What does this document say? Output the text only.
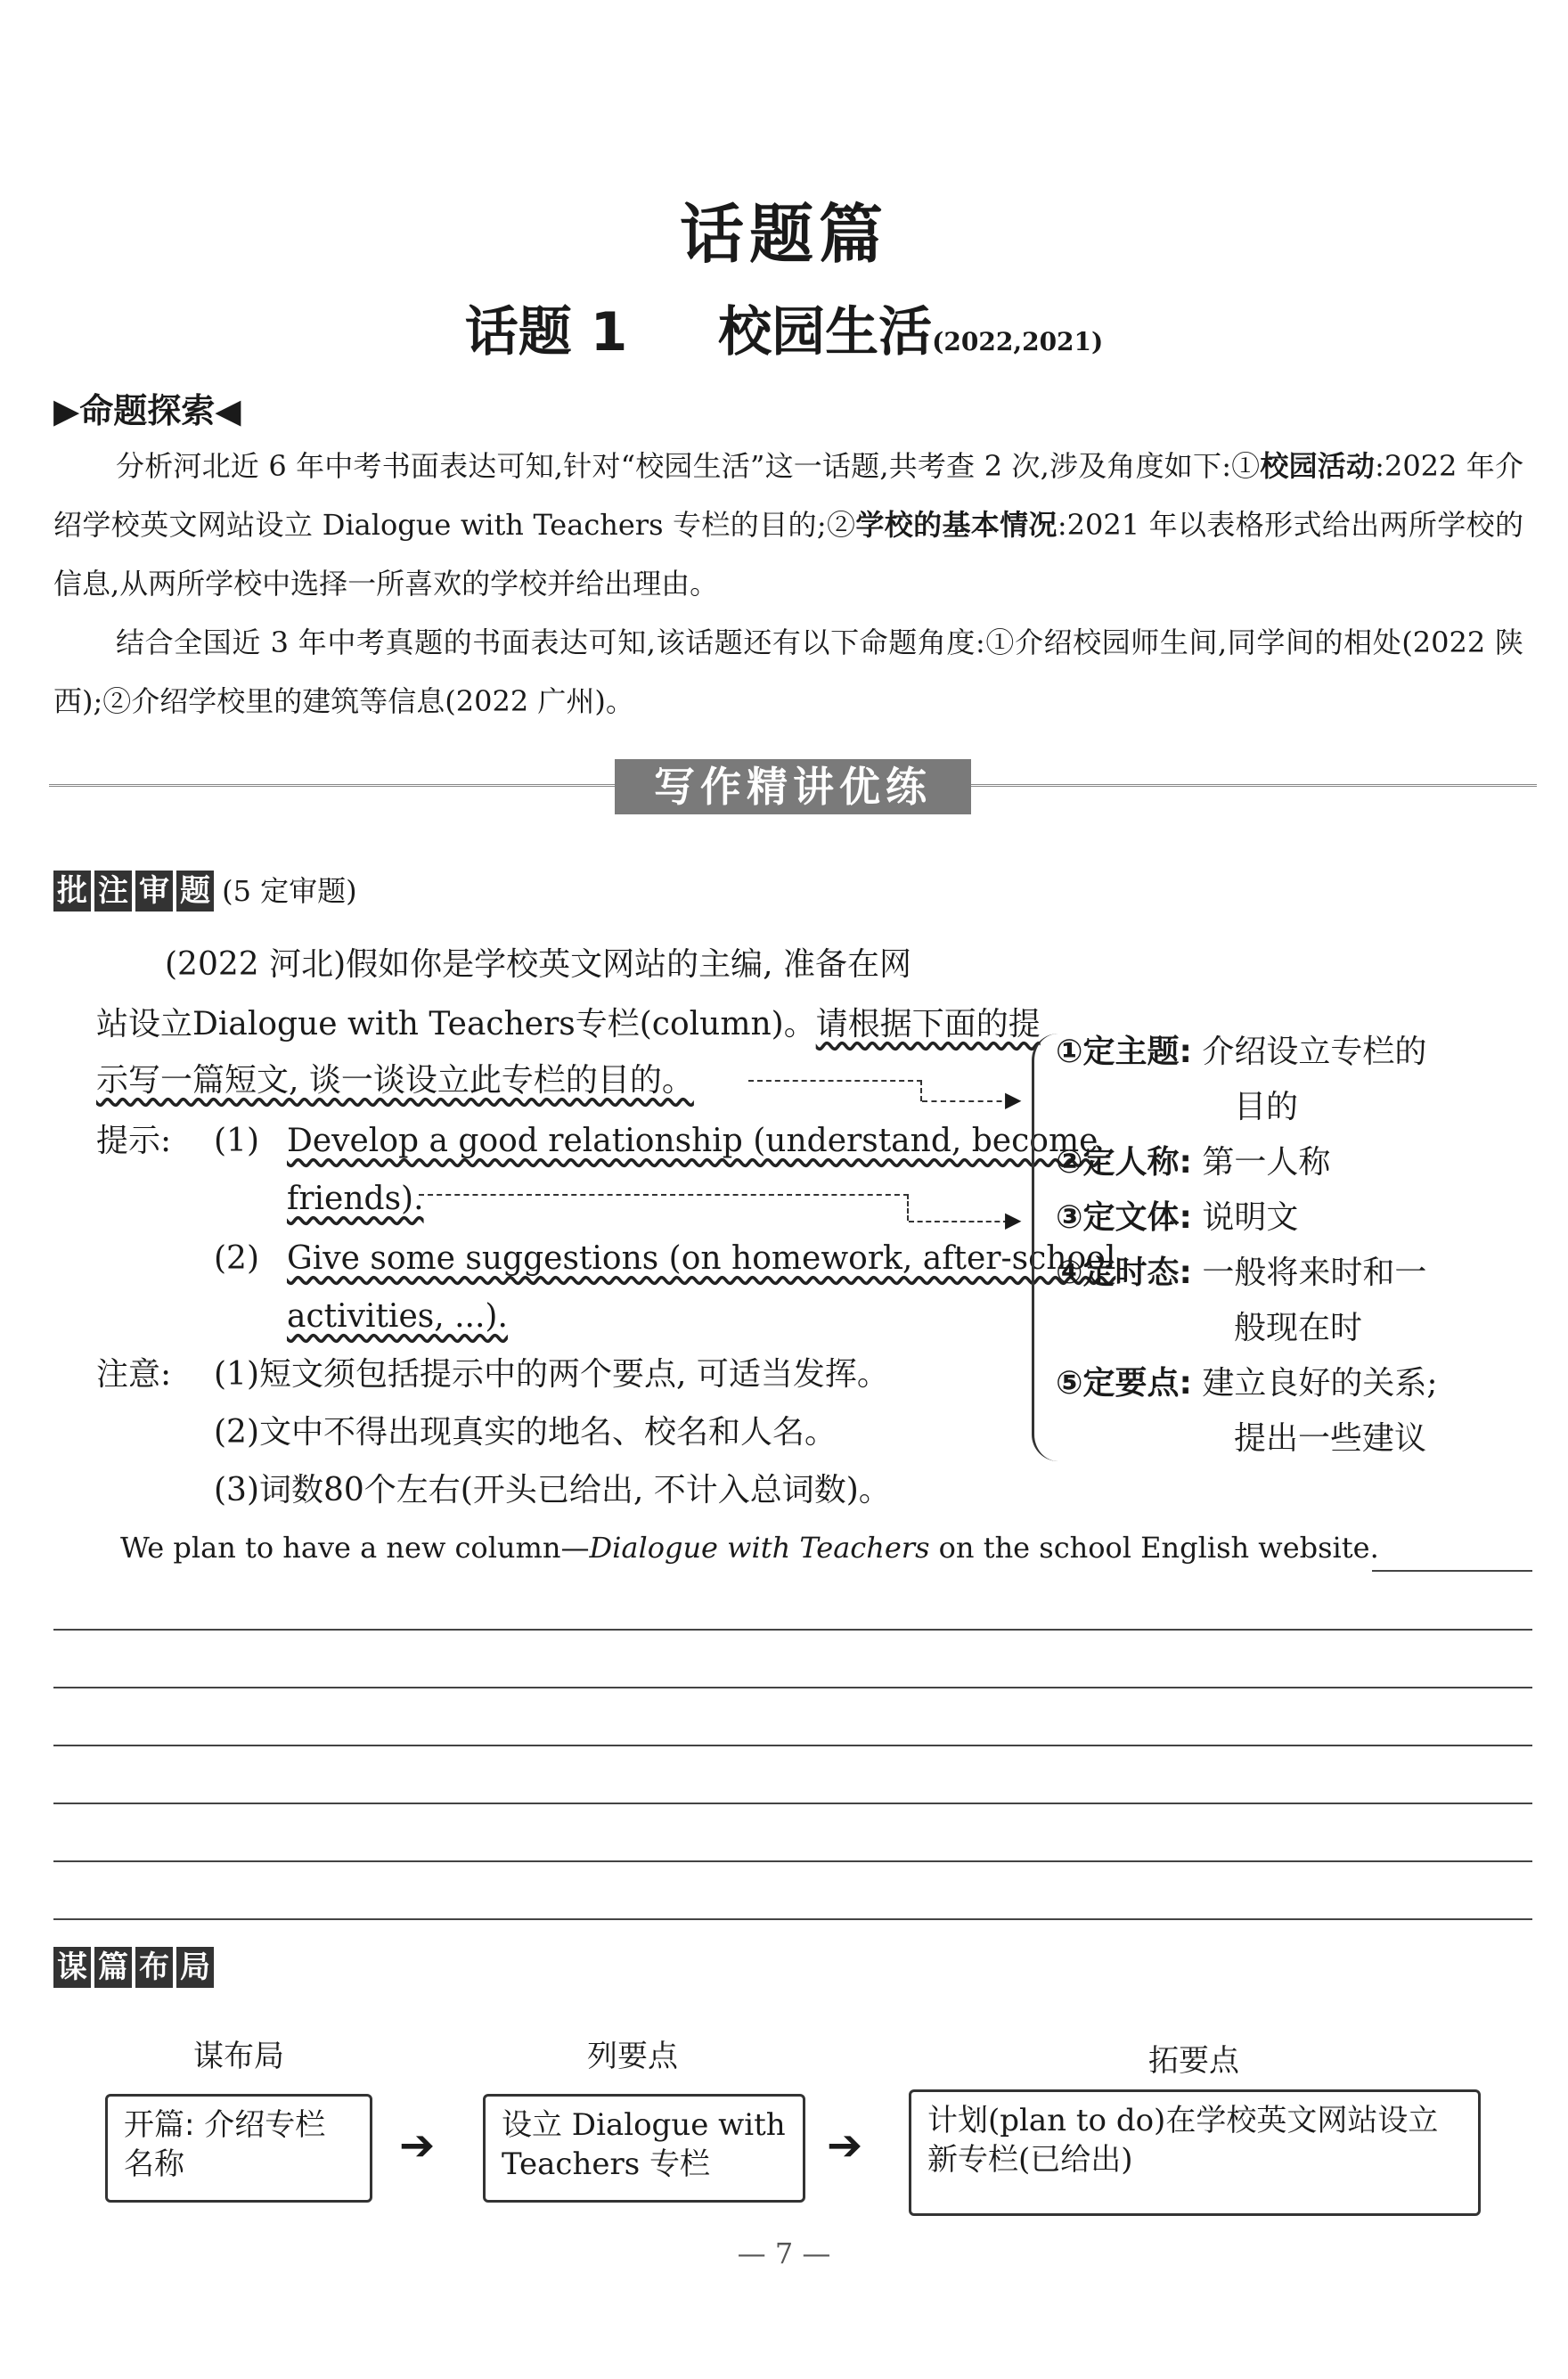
话题篇
话题 1 校园生活(2022,2021)
▶命题探索◀
分析河北近 6 年中考书面表达可知,针对“校园生活”这一话题,共考查 2 次,涉及角度如下:①校园活动:2022 年介绍学校英文网站设立 Dialogue with Teachers 专栏的目的;②学校的基本情况:2021 年以表格形式给出两所学校的信息,从两所学校中选择一所喜欢的学校并给出理由。
结合全国近 3 年中考真题的书面表达可知,该话题还有以下命题角度:①介绍校园师生间,同学间的相处(2022 陕西);②介绍学校里的建筑等信息(2022 广州)。
写作精讲优练
批 注 审 题 (5 定审题)
(2022 河北)假如你是学校英文网站的主编, 准备在网
站设立Dialogue with Teachers专栏(column)。请根据下面的提
示写一篇短文, 谈一谈设立此专栏的目的。
▶
提示: (1) Develop a good relationship (understand, become
friends).
▶
(2) Give some suggestions (on homework, after-school
activities, ...).
注意: (1)短文须包括提示中的两个要点, 可适当发挥。
(2)文中不得出现真实的地名、校名和人名。
(3)词数80个左右(开头已给出, 不计入总词数)。
①定主题: 介绍设立专栏的
目的
②定人称: 第一人称
③定文体: 说明文
④定时态: 一般将来时和一
般现在时
⑤定要点: 建立良好的关系;
提出一些建议
We plan to have a new column—Dialogue with Teachers on the school English website.
谋 篇 布 局
谋布局	列要点	拓要点
开篇: 介绍专栏名称	➔	设立 Dialogue with Teachers 专栏	➔	计划(plan to do)在学校英文网站设立新专栏(已给出)
— 7 —
